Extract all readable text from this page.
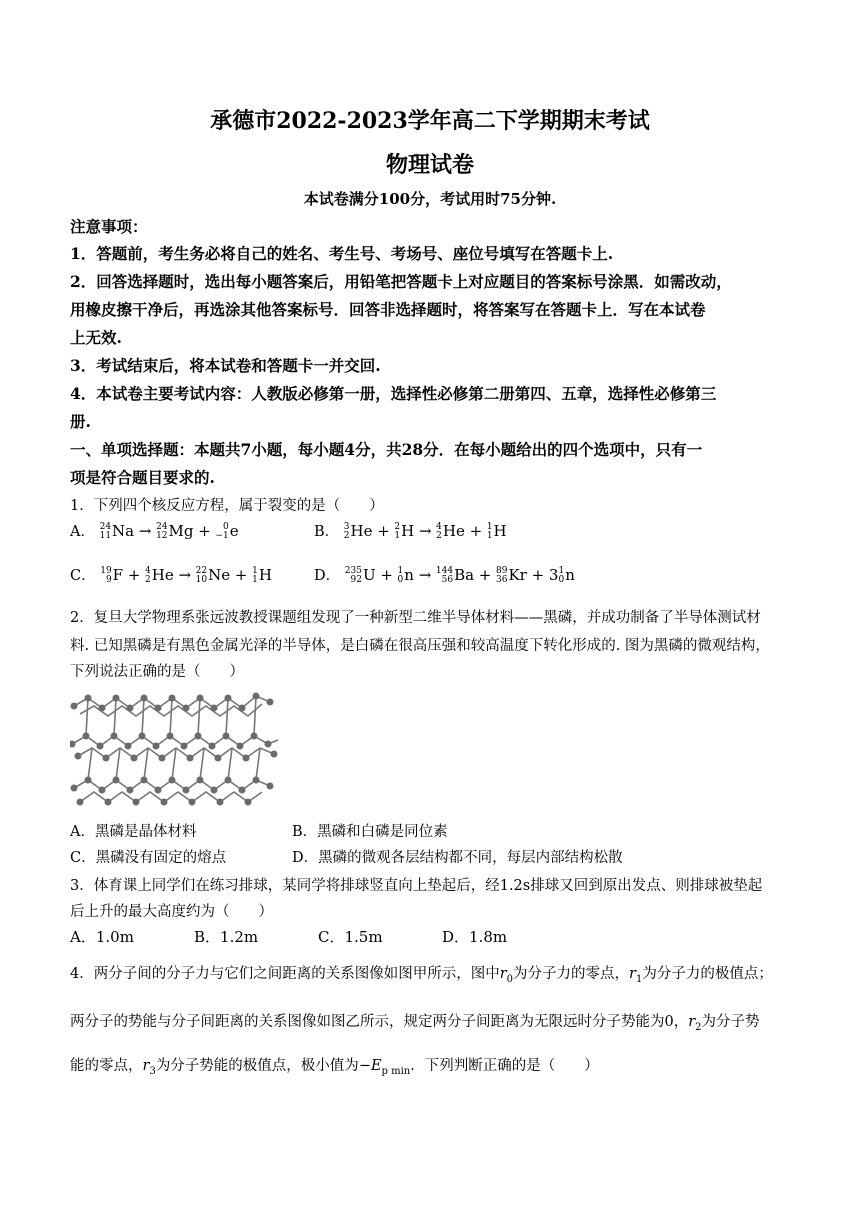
承德市2022-2023学年高二下学期期末考试
物理试卷
本试卷满分100分，考试用时75分钟.
注意事项：
1．答题前，考生务必将自己的姓名、考生号、考场号、座位号填写在答题卡上.
2．回答选择题时，选出每小题答案后，用铅笔把答题卡上对应题目的答案标号涂黑．如需改动，
用橡皮擦干净后，再选涂其他答案标号．回答非选择题时，将答案写在答题卡上．写在本试卷
上无效.
3．考试结束后，将本试卷和答题卡一并交回.
4．本试卷主要考试内容：人教版必修第一册，选择性必修第二册第四、五章，选择性必修第三
册.
一、单项选择题：本题共7小题，每小题4分，共28分．在每小题给出的四个选项中，只有一
项是符合题目要求的.
1．下列四个核反应方程，属于裂变的是（　　）
A． 24
11 Na → 24
12 Mg + 0
−1 e	B． 3
2 He + 2
1 H → 4
2 He + 1
1 H
C． 19
9 F + 4
2 He → 22
10 Ne + 1
1 H	D． 235
92 U + 1
0 n → 144
56 Ba + 89
36 Kr + 3 1
0 n
2．复旦大学物理系张远波教授课题组发现了一种新型二维半导体材料——黑磷，并成功制备了半导体测试材
料. 已知黑磷是有黑色金属光泽的半导体，是白磷在很高压强和较高温度下转化形成的. 图为黑磷的微观结构，
下列说法正确的是（　　）
A．黑磷是晶体材料	B．黑磷和白磷是同位素
C．黑磷没有固定的熔点	D．黑磷的微观各层结构都不同，每层内部结构松散
3．体育课上同学们在练习排球，某同学将排球竖直向上垫起后，经1.2s排球又回到原出发点、则排球被垫起
后上升的最大高度约为（　　）
A．1.0m	B．1.2m	C．1.5m	D．1.8m
4．两分子间的分子力与它们之间距离的关系图像如图甲所示，图中$r_0$为分子力的零点，$r_1$为分子力的极值点；
两分子的势能与分子间距离的关系图像如图乙所示，规定两分子间距离为无限远时分子势能为0，$r_2$为分子势
能的零点，$r_3$为分子势能的极值点，极小值为$-E_{p min}$．下列判断正确的是（　　）
